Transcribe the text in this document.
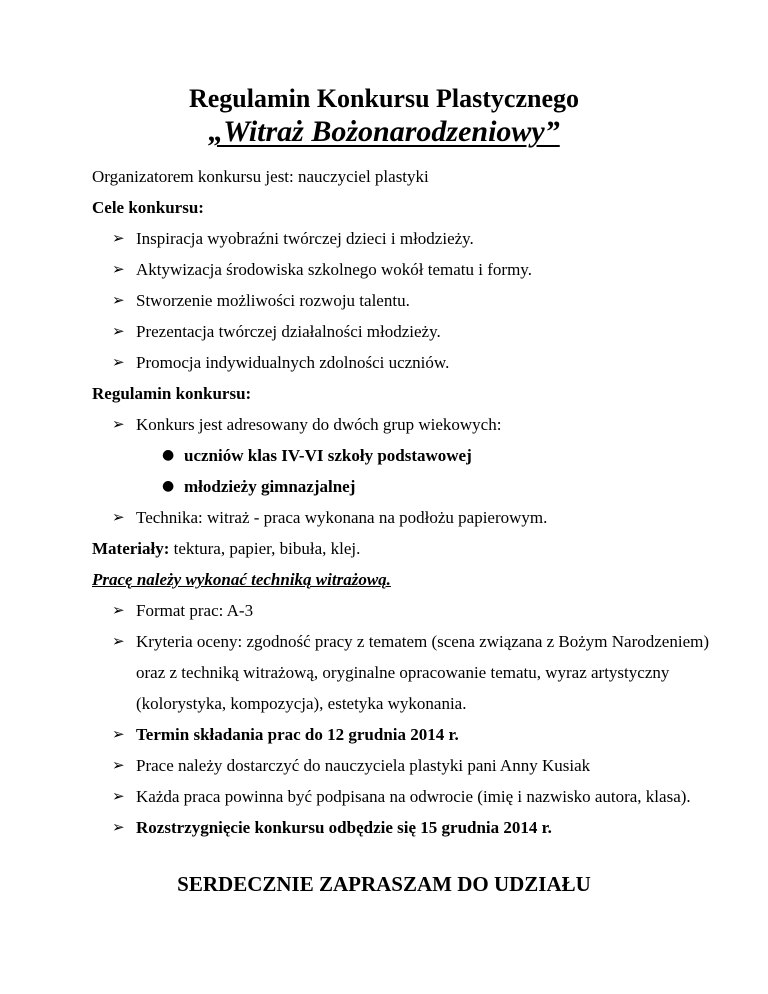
Regulamin Konkursu Plastycznego
„Witraż Bożonarodzeniowy”

Organizatorem konkursu jest: nauczyciel plastyki

Cele konkursu:

➢ Inspiracja wyobraźni twórczej dzieci i młodzieży.

➢ Aktywizacja środowiska szkolnego wokół tematu i formy.

➢ Stworzenie możliwości rozwoju talentu.

➢ Prezentacja twórczej działalności młodzieży.

➢ Promocja indywidualnych zdolności uczniów.

Regulamin konkursu:

➢ Konkurs jest adresowany do dwóch grup wiekowych:

● uczniów klas IV-VI szkoły podstawowej

● młodzieży gimnazjalnej

➢ Technika: witraż - praca wykonana na podłożu papierowym.

Materiały: tektura, papier, bibuła, klej.

Pracę należy wykonać techniką witrażową.

➢ Format prac: A-3

➢ Kryteria oceny: zgodność pracy z tematem (scena związana z Bożym Narodzeniem) oraz z techniką witrażową, oryginalne opracowanie tematu, wyraz artystyczny (kolorystyka, kompozycja), estetyka wykonania.

➢ Termin składania prac do 12 grudnia 2014 r.

➢ Prace należy dostarczyć do nauczyciela plastyki pani Anny Kusiak

➢ Każda praca powinna być podpisana na odwrocie (imię i nazwisko autora, klasa).

➢ Rozstrzygnięcie konkursu odbędzie się 15 grudnia 2014 r.

SERDECZNIE ZAPRASZAM DO UDZIAŁU
